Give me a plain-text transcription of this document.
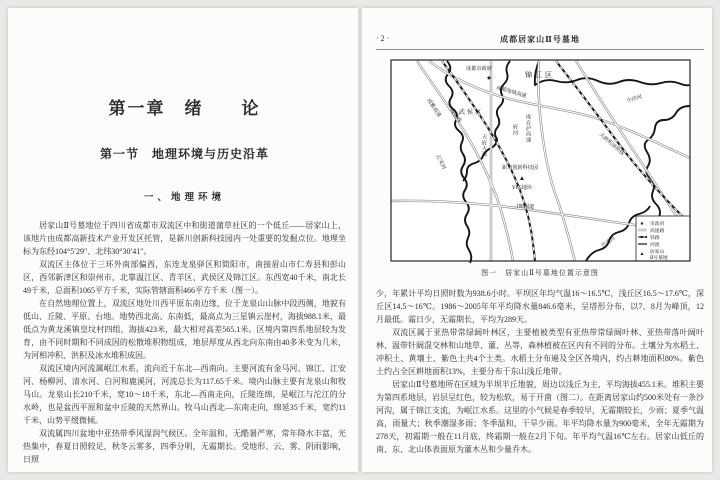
第一章　绪　　论
第一节　地理环境与历史沿革
一、地理环境

居家山Ⅱ号墓地位于四川省成都市双流区中和街道蒲草社区的一个低丘——居家山上，该地片由成都高新技术产业开发区托管，是新川创新科技园内一处重要的发掘点位。地理坐标为东经104°5′29″、北纬30°30′41″。

双流区主体位于三环外南部偏西，东连龙泉驿区和简阳市，南接眉山市仁寿县和彭山区，西邻新津区和崇州市，北靠温江区、青羊区、武侯区及锦江区。东西宽40千米，南北长49千米，总面积1065平方千米，实际管辖面积466平方千米（图一）。

在自然地理位置上，双流区地处川西平原东南边缘，位于龙泉山山脉中段西侧，地貌有低山、丘陵、平原、台地。地势西北高、东南低，最高点为三星镇云崖村，海拔988.1米，最低点为黄龙溪镇皇坟村四组，海拔423米，最大相对高差565.1米。区境内第四系地层较为发育，由不同时期和不同成因的松散堆积物组成，地层厚度从西北向东南由40多米变为几米，为河相冲积、洪积及冰水堆积成因。

双流区境内河流属岷江水系，流向近于东北—西南向。主要河流有金马河、锦江、江安河、杨柳河、清水河、白河和鹿溪河，河流总长为117.65千米。境内山脉主要有龙泉山和牧马山。龙泉山长210千米，宽10～18千米，东北—西南走向，丘陵连绵，是岷江与沱江的分水岭，也是盆西平原和盆中丘陵的天然界山。牧马山西北—东南走向，绵延35千米，宽约11千米，山势平缓微倾。

双流属四川盆地中亚热带季风湿润气候区。全年温和，无酷暑严寒，常年降水丰富，光热集中，春夏日照较足，秋冬云雾多，四季分明，无霜期长。受地形、云、雾、阴雨影响，日照

· 2 ·	成都居家山Ⅱ号墓地
成都市政府
★	锦江区
武侯区
成都绕城高速
成雅高速	成昆线
江安河
府河
天府大道
成自泸高速
新川创新科技园
▲
YI-5地块
108国道
小沙河
天府机场快线
芦溪河
★ 市政府
高速路
铁路
河流
▲ 居家山
Ⅱ号墓地
图一　居家山Ⅱ号墓地位置示意图

少，年累计平均日照时数为938.6小时。平坝区年均气温16～16.5℃，浅丘区16.5～17.6℃，深丘区14.5～16℃。1986～2005年年平均降水量846.6毫米，呈塔形分布，以7、8月为峰顶，12月最低。霜日少，无霜期长，平均为289天。

双流区属于亚热带常绿阔叶林区，主要植被类型有亚热带常绿阔叶林、亚热带落叶阔叶林、温带针阔混交林和山地草、灌、丛等，森林植被在区内有不同的分布。土壤分为水稻土、冲积土、黄壤土、紫色土共4个土类。水稻土分布遍及全区各境内，约占耕地面积80%。紫色土约占全区耕地面积13%，主要分布于东山浅丘地带。

居家山Ⅱ号墓地所在区域为半坝半丘地貌，周边以浅丘为主，平均海拔455.1米。堆积主要为第四系地层，岩层呈红色，较为松软，易于开凿（图二）。在距离居家山约500米处有一条沙河沟，属于锦江支流，为岷江水系。这里的小气候是春季较早，无霜期较长，少雨；夏季气温高，雨量大；秋季潮湿多雨；冬季温和，干旱少雨。年平均降水量为900毫米，全年无霜期为278天，初霜期一般在11月底，终霜期一般在2月下旬。年平均气温16℃左右。居家山低丘的南、东、北山体表面原为灌木丛和少量乔木。
